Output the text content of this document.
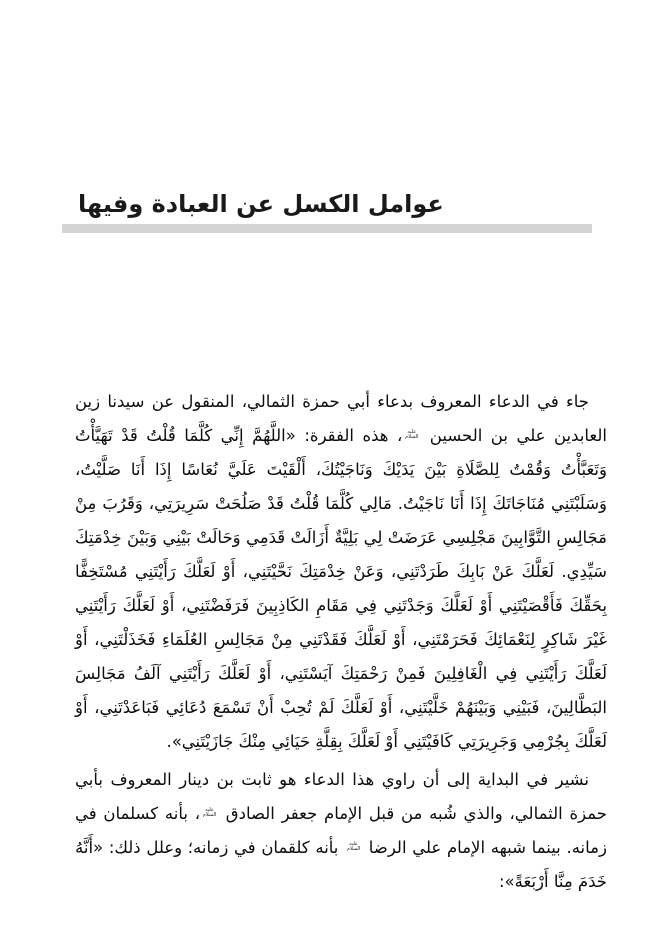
عوامل الكسل عن العبادة وفيها

جاء في الدعاء المعروف بدعاء أبي حمزة الثمالي، المنقول عن سيدنا زين العابدين علي بن الحسين عليه السلام، هذه الفقرة: «اللَّهُمَّ إِنِّي كُلَّمَا قُلْتُ قَدْ تَهَيَّأْتُ وَتَعَبَّأْتُ وَقُمْتُ لِلصَّلَاةِ بَيْنَ يَدَيْكَ وَنَاجَيْتُكَ، أَلْقَيْتَ عَلَيَّ نُعَاسًا إِذَا أَنَا صَلَّيْتُ، وَسَلَبْتَنِي مُنَاجَاتَكَ إِذَا أَنَا نَاجَيْتُ. مَالِي كُلَّمَا قُلْتُ قَدْ صَلُحَتْ سَرِيرَتِي، وَقَرُبَ مِنْ مَجَالِسِ التَّوَّابِينَ مَجْلِسِي عَرَضَتْ لِي بَلِيَّةٌ أَزَالَتْ قَدَمِي وَحَالَتْ بَيْنِي وَبَيْنَ خِدْمَتِكَ سَيِّدِي. لَعَلَّكَ عَنْ بَابِكَ طَرَدْتَنِي، وَعَنْ خِدْمَتِكَ نَحَّيْتَنِي، أَوْ لَعَلَّكَ رَأَيْتَنِي مُسْتَخِفًّا بِحَقِّكَ فَأَقْصَيْتَنِي أَوْ لَعَلَّكَ وَجَدْتَنِي فِي مَقَامِ الكَاذِبِينَ فَرَفَضْتَنِي، أَوْ لَعَلَّكَ رَأَيْتَنِي غَيْرَ شَاكِرٍ لِنَعْمَائِكَ فَحَرَمْتَنِي، أَوْ لَعَلَّكَ فَقَدْتَنِي مِنْ مَجَالِسِ العُلَمَاءِ فَخَذَلْتَنِي، أَوْ لَعَلَّكَ رَأَيْتَنِي فِي الْغَافِلِينَ فَمِنْ رَحْمَتِكَ آيَسْتَنِي، أَوْ لَعَلَّكَ رَأَيْتَنِي آلَفُ مَجَالِسَ البَطَّالِينَ، فَبَيْنِي وَبَيْنَهُمْ خَلَّيْتَنِي، أَوْ لَعَلَّكَ لَمْ تُحِبْ أَنْ تَسْمَعَ دُعَائِي فَبَاعَدْتَنِي، أَوْ لَعَلَّكَ بِجُرْمِي وَجَرِيرَتِي كَافَيْتَنِي أَوْ لَعَلَّكَ بِقِلَّةِ حَيَائِي مِنْكَ جَازَيْتَنِي».

نشير في البداية إلى أن راوي هذا الدعاء هو ثابت بن دينار المعروف بأبي حمزة الثمالي، والذي شُبه من قبل الإمام جعفر الصادق عليه السلام، بأنه كسلمان في زمانه. بينما شبهه الإمام علي الرضا عليه السلام بأنه كلقمان في زمانه؛ وعلل ذلك: «أَنَّهُ خَدَمَ مِنَّا أَرْبَعَةً»:
